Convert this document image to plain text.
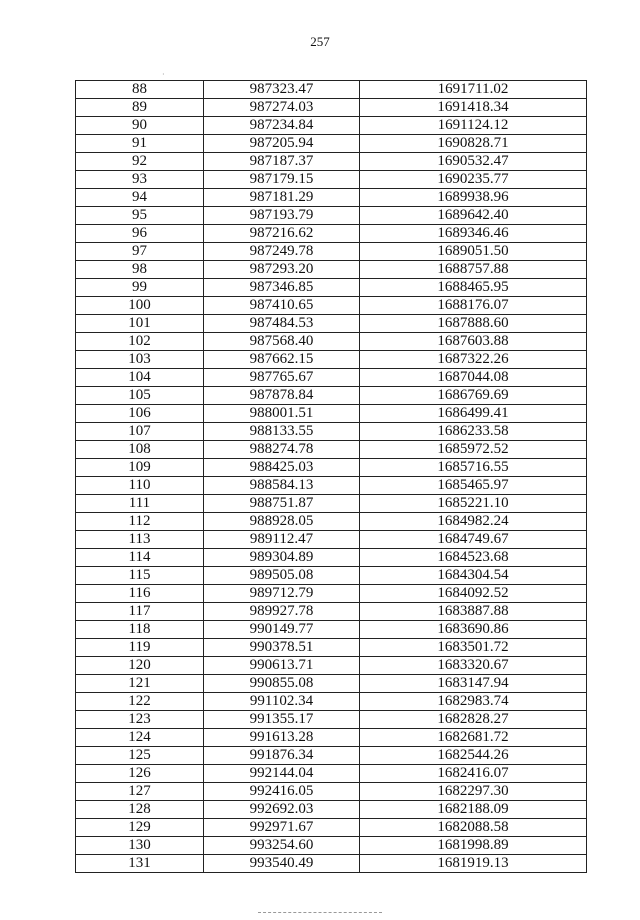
257
·
88	987323.47	1691711.02
89	987274.03	1691418.34
90	987234.84	1691124.12
91	987205.94	1690828.71
92	987187.37	1690532.47
93	987179.15	1690235.77
94	987181.29	1689938.96
95	987193.79	1689642.40
96	987216.62	1689346.46
97	987249.78	1689051.50
98	987293.20	1688757.88
99	987346.85	1688465.95
100	987410.65	1688176.07
101	987484.53	1687888.60
102	987568.40	1687603.88
103	987662.15	1687322.26
104	987765.67	1687044.08
105	987878.84	1686769.69
106	988001.51	1686499.41
107	988133.55	1686233.58
108	988274.78	1685972.52
109	988425.03	1685716.55
110	988584.13	1685465.97
111	988751.87	1685221.10
112	988928.05	1684982.24
113	989112.47	1684749.67
114	989304.89	1684523.68
115	989505.08	1684304.54
116	989712.79	1684092.52
117	989927.78	1683887.88
118	990149.77	1683690.86
119	990378.51	1683501.72
120	990613.71	1683320.67
121	990855.08	1683147.94
122	991102.34	1682983.74
123	991355.17	1682828.27
124	991613.28	1682681.72
125	991876.34	1682544.26
126	992144.04	1682416.07
127	992416.05	1682297.30
128	992692.03	1682188.09
129	992971.67	1682088.58
130	993254.60	1681998.89
131	993540.49	1681919.13
